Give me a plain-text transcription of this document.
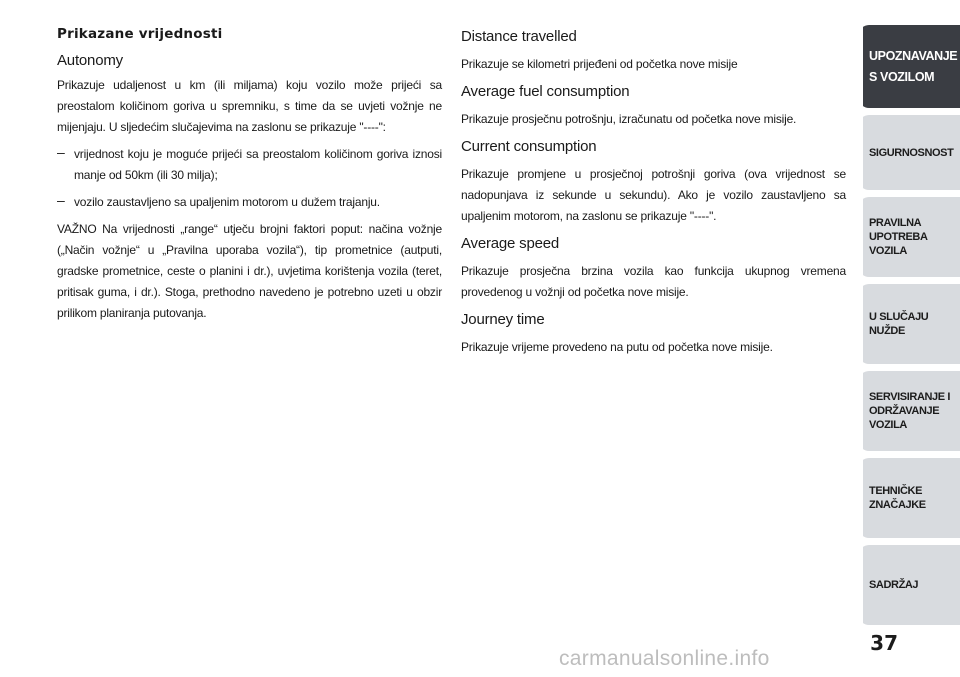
Prikazane vrijednosti
Autonomy

Prikazuje udaljenost u km (ili miljama) koju vozilo može prijeći sa preostalom količinom goriva u spremniku, s time da se uvjeti vožnje ne mijenjaju. U sljedećim slučajevima na zaslonu se prikazuje "----":

– vrijednost koju je moguće prijeći sa preostalom količinom goriva iznosi manje od 50km (ili 30 milja);

– vozilo zaustavljeno sa upaljenim motorom u dužem trajanju.

VAŽNO Na vrijednosti „range“ utječu brojni faktori poput: načina vožnje („Način vožnje“ u „Pravilna uporaba vozila“), tip prometnice (autputi, gradske prometnice, ceste o planini i dr.), uvjetima korištenja vozila (teret, pritisak guma, i dr.). Stoga, prethodno navedeno je potrebno uzeti u obzir prilikom planiranja putovanja.

Distance travelled

Prikazuje se kilometri prijeđeni od početka nove misije

Average fuel consumption

Prikazuje prosječnu potrošnju, izračunatu od početka nove misije.

Current consumption

Prikazuje promjene u prosječnoj potrošnji goriva (ova vrijednost se nadopunjava iz sekunde u sekundu). Ako je vozilo zaustavljeno sa upaljenim motorom, na zaslonu se prikazuje "----".

Average speed

Prikazuje prosječna brzina vozila kao funkcija ukupnog vremena provedenog u vožnji od početka nove misije.

Journey time

Prikazuje vrijeme provedeno na putu od početka nove misije.

UPOZNAVANJE
S VOZILOM
SIGURNOSNOST
PRAVILNA
UPOTREBA
VOZILA
U SLUČAJU
NUŽDE
SERVISIRANJE I
ODRŽAVANJE
VOZILA
TEHNIČKE
ZNAČAJKE
SADRŽAJ
37
carmanualsonline.info
